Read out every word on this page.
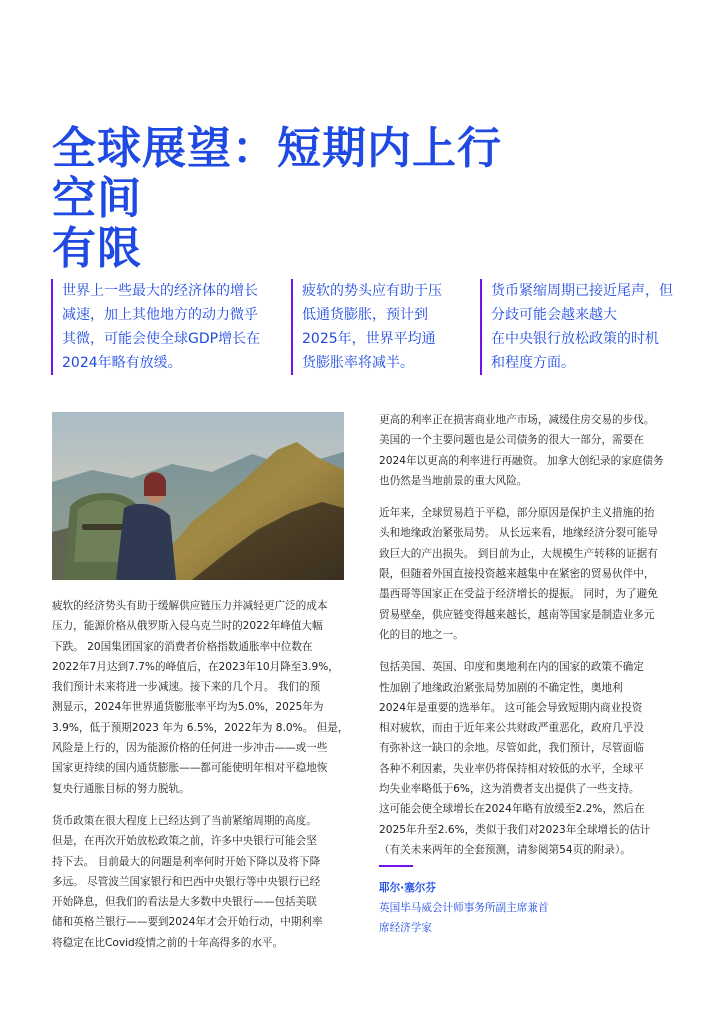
全球展望：短期内上行空间
有限
世界上一些最大的经济体的增长
减速，加上其他地方的动力微乎
其微，可能会使全球GDP增长在
2024年略有放缓。
疲软的势头应有助于压
低通货膨胀，预计到
2025年，世界平均通
货膨胀率将减半。
货币紧缩周期已接近尾声，但
分歧可能会越来越大
在中央银行放松政策的时机
和程度方面。

疲软的经济势头有助于缓解供应链压力并减轻更广泛的成本
压力，能源价格从俄罗斯入侵乌克兰时的2022年峰值大幅
下跌。 20国集团国家的消费者价格指数通胀率中位数在
2022年7月达到7.7%的峰值后，在2023年10月降至3.9%，
我们预计未来将进一步减速。接下来的几个月。 我们的预
测显示，2024年世界通货膨胀率平均为5.0%，2025年为
3.9%，低于预期2023 年为 6.5%，2022年为 8.0%。 但是，
风险是上行的，因为能源价格的任何进一步冲击——或一些
国家更持续的国内通货膨胀——都可能使明年相对平稳地恢
复央行通胀目标的努力脱轨。

货币政策在很大程度上已经达到了当前紧缩周期的高度。
但是，在再次开始放松政策之前，许多中央银行可能会坚
持下去。 目前最大的问题是利率何时开始下降以及将下降
多远。 尽管波兰国家银行和巴西中央银行等中央银行已经
开始降息，但我们的看法是大多数中央银行——包括美联
储和英格兰银行——要到2024年才会开始行动，中期利率
将稳定在比Covid疫情之前的十年高得多的水平。

更高的利率正在损害商业地产市场，减缓住房交易的步伐。
美国的一个主要问题也是公司债务的很大一部分，需要在
2024年以更高的利率进行再融资。 加拿大创纪录的家庭债务
也仍然是当地前景的重大风险。

近年来，全球贸易趋于平稳，部分原因是保护主义措施的抬
头和地缘政治紧张局势。 从长远来看，地缘经济分裂可能导
致巨大的产出损失。 到目前为止，大规模生产转移的证据有
限，但随着外国直接投资越来越集中在紧密的贸易伙伴中，
墨西哥等国家正在受益于经济增长的提振。 同时，为了避免
贸易壁垒，供应链变得越来越长，越南等国家是制造业多元
化的目的地之一。

包括美国、英国、印度和奥地利在内的国家的政策不确定
性加剧了地缘政治紧张局势加剧的不确定性，奥地利
2024年是重要的选举年。 这可能会导致短期内商业投资
相对疲软，而由于近年来公共财政严重恶化，政府几乎没
有弥补这一缺口的余地。尽管如此，我们预计，尽管面临
各种不利因素，失业率仍将保持相对较低的水平，全球平
均失业率略低于6%，这为消费者支出提供了一些支持。
这可能会使全球增长在2024年略有放缓至2.2%，然后在
2025年升至2.6%，类似于我们对2023年全球增长的估计
（有关未来两年的全套预测，请参阅第54页的附录）。

耶尔·塞尔芬
英国毕马威会计师事务所副主席兼首
席经济学家
